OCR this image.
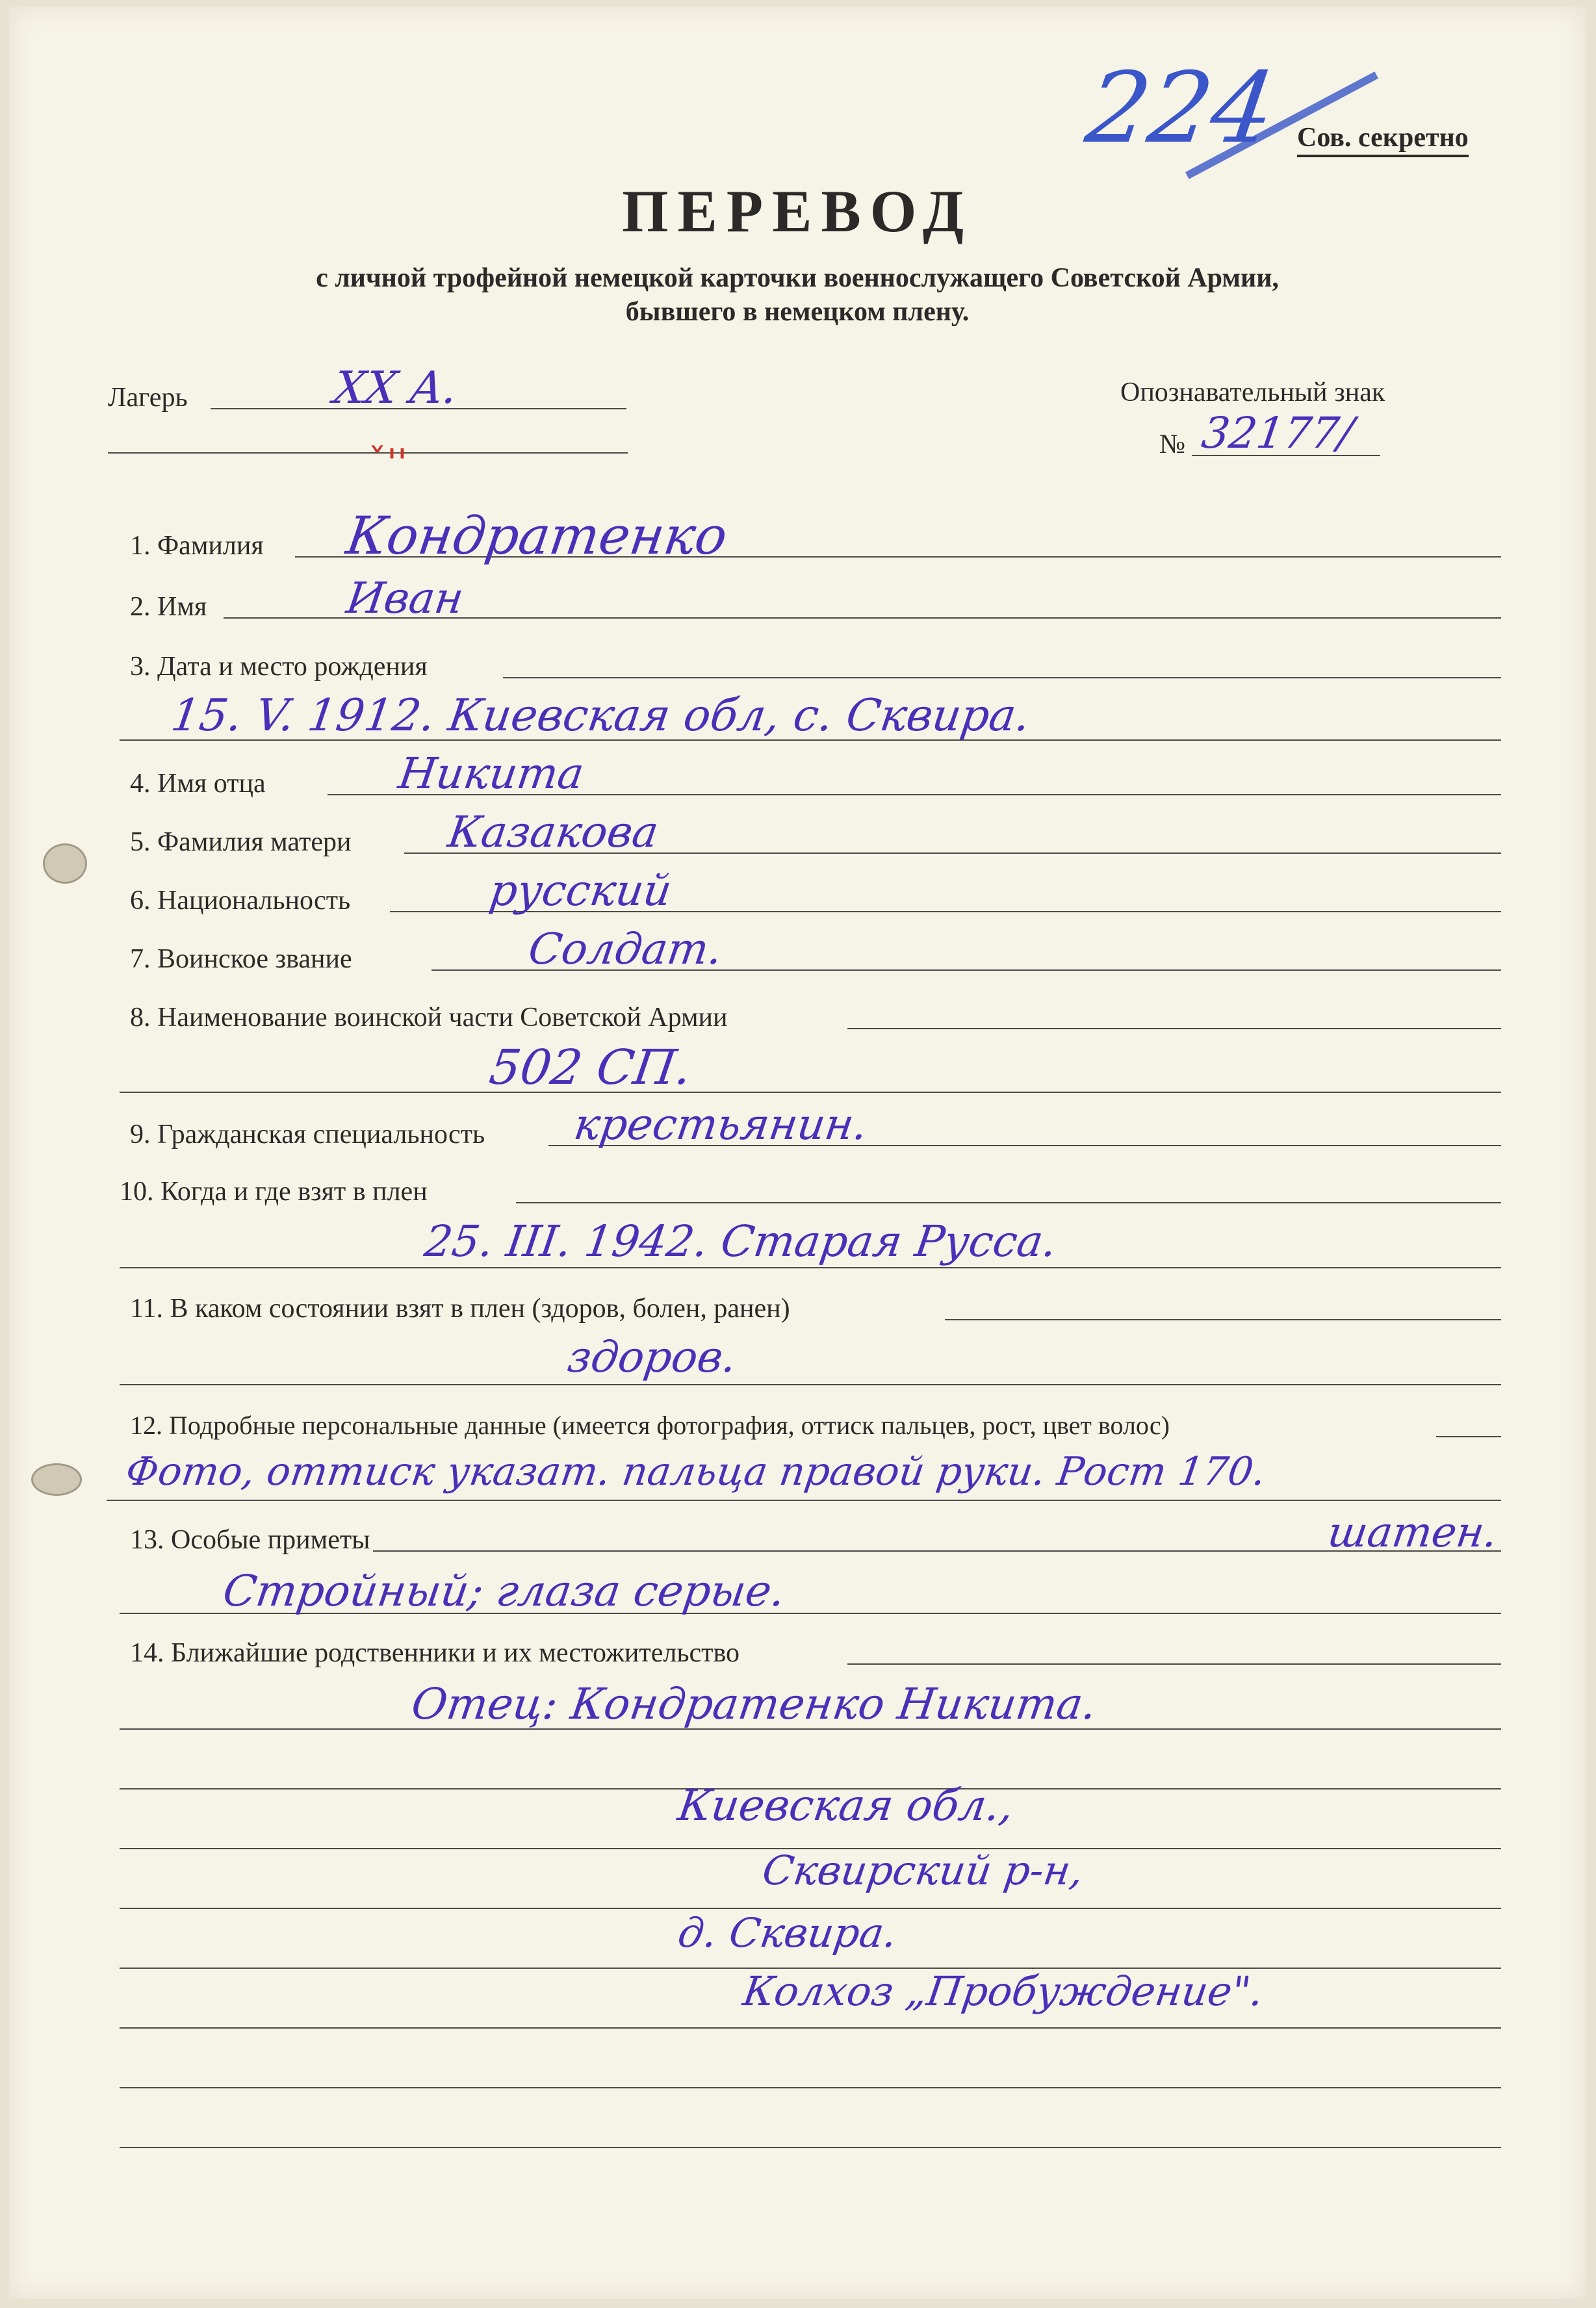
224 Сов. секретно
ПЕРЕВОД
с личной трофейной немецкой карточки военнослужащего Советской Армии,
бывшего в немецком плену.
Лагерь	XX A.	Опознавательный знак
№ 32177/
ˇ''
1. Фамилия Кондратенко
2. Имя	Иван
3. Дата и место рождения
15. V. 1912. Киевская обл, с. Сквира.
4. Имя отца	Никита
5. Фамилия матери Казакова
6. Национальность	русский
7. Воинское звание	Солдат.
8. Наименование воинской части Советской Армии
502 СП.
9. Гражданская специальность крестьянин.
10. Когда и где взят в плен
25. III. 1942. Старая Русса.
11. В каком состоянии взят в плен (здоров, болен, ранен)
здоров.
12. Подробные персональные данные (имеется фотография, оттиск пальцев, рост, цвет волос)
Фото, оттиск указат. пальца правой руки. Рост 170.
13. Особые приметы	шатен.
Стройный; глаза серые.
14. Ближайшие родственники и их местожительство
Отец: Кондратенко Никита.
Киевская обл.,
Сквирский р-н,
д. Сквира.
Колхоз „Пробуждение".
